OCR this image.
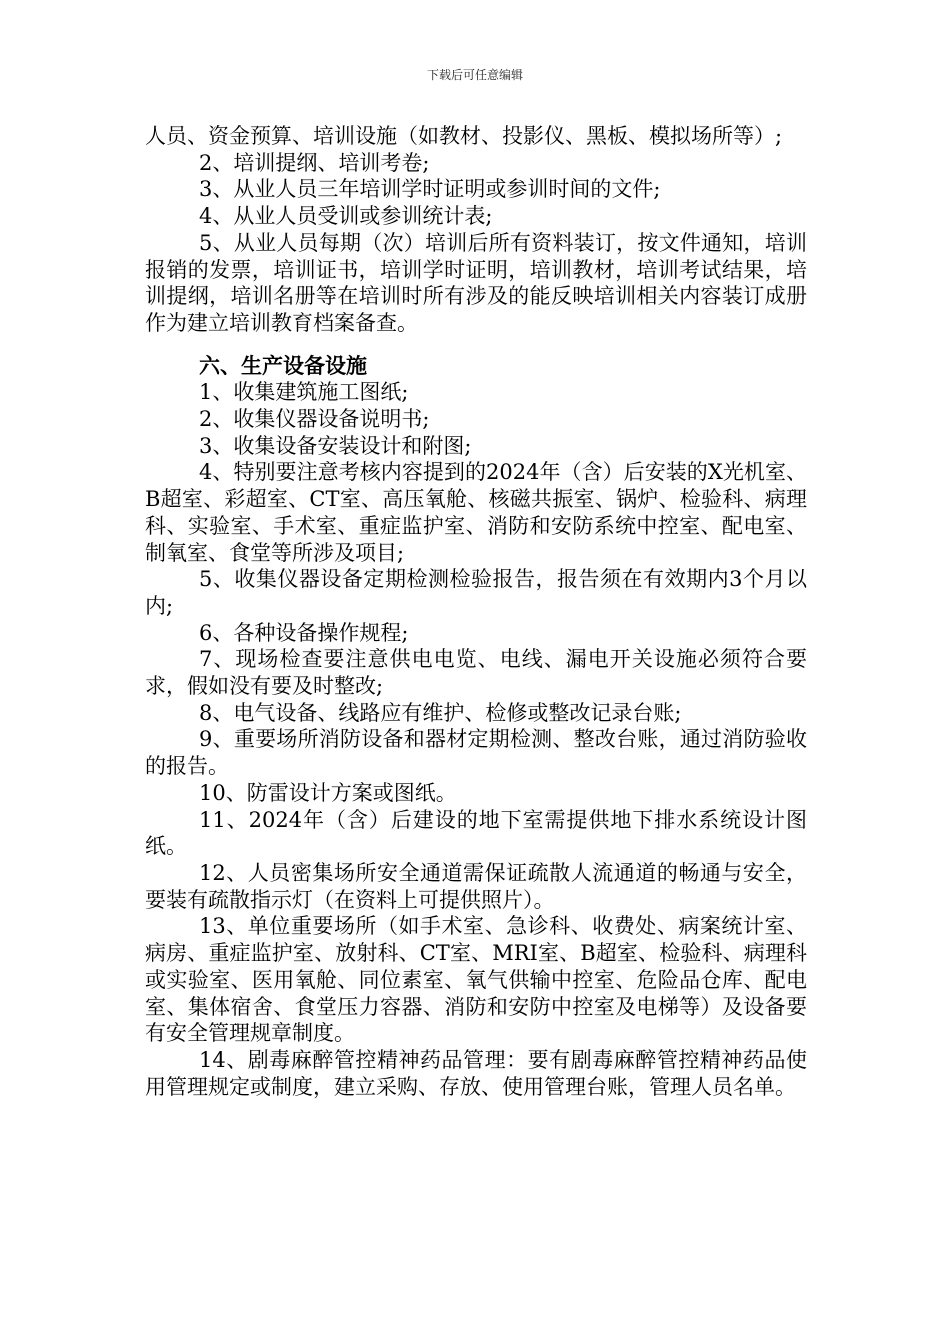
下载后可任意编辑

人员、资金预算、培训设施（如教材、投影仪、黑板、模拟场所等）;

2、培训提纲、培训考卷;

3、从业人员三年培训学时证明或参训时间的文件;

4、从业人员受训或参训统计表;

5、从业人员每期（次）培训后所有资料装订，按文件通知，培训报销的发票，培训证书，培训学时证明，培训教材，培训考试结果，培训提纲，培训名册等在培训时所有涉及的能反映培训相关内容装订成册作为建立培训教育档案备查。

六、生产设备设施

1、收集建筑施工图纸;

2、收集仪器设备说明书;

3、收集设备安装设计和附图;

4、特别要注意考核内容提到的2024年（含）后安装的X光机室、B超室、彩超室、CT室、高压氧舱、核磁共振室、锅炉、检验科、病理科、实验室、手术室、重症监护室、消防和安防系统中控室、配电室、制氧室、食堂等所涉及项目;

5、收集仪器设备定期检测检验报告，报告须在有效期内3个月以内;

6、各种设备操作规程;

7、现场检查要注意供电电览、电线、漏电开关设施必须符合要求，假如没有要及时整改;

8、电气设备、线路应有维护、检修或整改记录台账;

9、重要场所消防设备和器材定期检测、整改台账，通过消防验收的报告。

10、防雷设计方案或图纸。

11、2024年（含）后建设的地下室需提供地下排水系统设计图纸。

12、人员密集场所安全通道需保证疏散人流通道的畅通与安全，要装有疏散指示灯（在资料上可提供照片）。

13、单位重要场所（如手术室、急诊科、收费处、病案统计室、病房、重症监护室、放射科、CT室、MRI室、B超室、检验科、病理科或实验室、医用氧舱、同位素室、氧气供输中控室、危险品仓库、配电室、集体宿舍、食堂压力容器、消防和安防中控室及电梯等）及设备要有安全管理规章制度。

14、剧毒麻醉管控精神药品管理：要有剧毒麻醉管控精神药品使用管理规定或制度，建立采购、存放、使用管理台账，管理人员名单。
